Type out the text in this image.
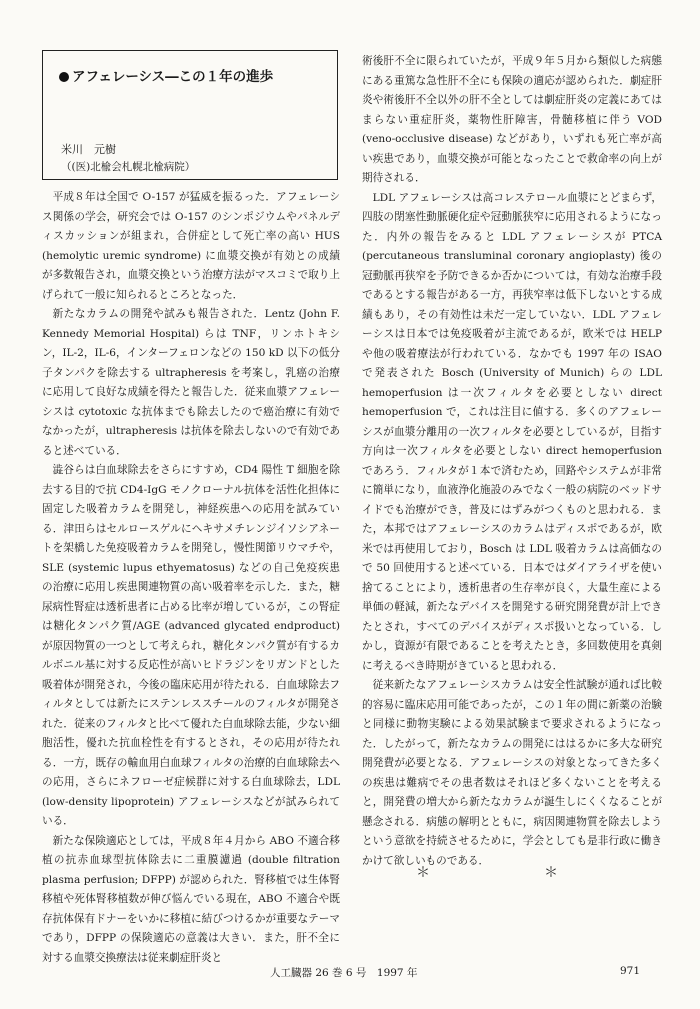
アフェレーシス―この１年の進歩
米川　元樹
（(医)北楡会札幌北楡病院）

平成８年は全国で O-157 が猛威を振るった．アフェレーシス関係の学会，研究会では O-157 のシンポジウムやパネルディスカッションが組まれ，合併症として死亡率の高い HUS (hemolytic uremic syndrome) に血漿交換が有効との成績が多数報告され，血漿交換という治療方法がマスコミで取り上げられて一般に知られるところとなった．

新たなカラムの開発や試みも報告された．Lentz (John F. Kennedy Memorial Hospital) らは TNF，リンホトキシン，IL-2，IL-6，インターフェロンなどの 150 kD 以下の低分子タンパクを除去する ultrapheresis を考案し，乳癌の治療に応用して良好な成績を得たと報告した．従来血漿アフェレーシスは cytotoxic な抗体までも除去したので癌治療に有効でなかったが，ultrapheresis は抗体を除去しないので有効であると述べている．

澁谷らは白血球除去をさらにすすめ，CD4 陽性 T 細胞を除去する目的で抗 CD4-IgG モノクローナル抗体を活性化担体に固定した吸着カラムを開発し，神経疾患への応用を試みている．津田らはセルロースゲルにヘキサメチレンジイソシアネートを架橋した免疫吸着カラムを開発し，慢性関節リウマチや，SLE (systemic lupus ethyematosus) などの自己免疫疾患の治療に応用し疾患関連物質の高い吸着率を示した．また，糖尿病性腎症は透析患者に占める比率が増しているが，この腎症は糖化タンパク質/AGE (advanced glycated endproduct) が原因物質の一つとして考えられ，糖化タンパク質が有するカルボニル基に対する反応性が高いヒドラジンをリガンドとした吸着体が開発され，今後の臨床応用が待たれる．白血球除去フィルタとしては新たにステンレススチールのフィルタが開発された．従来のフィルタと比べて優れた白血球除去能，少ない細胞活性，優れた抗血栓性を有するとされ，その応用が待たれる．一方，既存の輸血用白血球フィルタの治療的白血球除去への応用，さらにネフローゼ症候群に対する白血球除去，LDL (low-density lipoprotein) アフェレーシスなどが試みられている．

新たな保険適応としては，平成８年４月から ABO 不適合移植の抗赤血球型抗体除去に二重膜濾過 (double filtration plasma perfusion; DFPP) が認められた．腎移植では生体腎移植や死体腎移植数が伸び悩んでいる現在，ABO 不適合や既存抗体保有ドナーをいかに移植に結びつけるかが重要なテーマであり，DFPP の保険適応の意義は大きい．また，肝不全に対する血漿交換療法は従来劇症肝炎と

術後肝不全に限られていたが，平成９年５月から類似した病態にある重篤な急性肝不全にも保険の適応が認められた．劇症肝炎や術後肝不全以外の肝不全としては劇症肝炎の定義にあてはまらない重症肝炎，薬物性肝障害，骨髄移植に伴う VOD (veno-occlusive disease) などがあり，いずれも死亡率が高い疾患であり，血漿交換が可能となったことで救命率の向上が期待される．

LDL アフェレーシスは高コレステロール血漿にとどまらず，四肢の閉塞性動脈硬化症や冠動脈狭窄に応用されるようになった．内外の報告をみると LDL アフェレーシスが PTCA (percutaneous transluminal coronary angioplasty) 後の冠動脈再狭窄を予防できるか否かについては，有効な治療手段であるとする報告がある一方，再狭窄率は低下しないとする成績もあり，その有効性は未だ一定していない．LDL アフェレーシスは日本では免疫吸着が主流であるが，欧米では HELP や他の吸着療法が行われている．なかでも 1997 年の ISAO で発表された Bosch (University of Munich) らの LDL hemoperfusion は一次フィルタを必要としない direct hemoperfusion で，これは注目に値する．多くのアフェレーシスが血漿分離用の一次フィルタを必要としているが，目指す方向は一次フィルタを必要としない direct hemoperfusion であろう．フィルタが１本で済むため，回路やシステムが非常に簡単になり，血液浄化施設のみでなく一般の病院のベッドサイドでも治療ができ，普及にはずみがつくものと思われる．また，本邦ではアフェレーシスのカラムはディスポであるが，欧米では再使用しており，Bosch は LDL 吸着カラムは高価なので 50 回使用すると述べている．日本ではダイアライザを使い捨てることにより，透析患者の生存率が良く，大量生産による単価の軽減，新たなデバイスを開発する研究開発費が計上できたとされ，すべてのデバイスがディスポ扱いとなっている．しかし，資源が有限であることを考えたとき，多回数使用を真剣に考えるべき時期がきていると思われる．

従来新たなアフェレーシスカラムは安全性試験が通れば比較的容易に臨床応用可能であったが，この１年の間に新薬の治験と同様に動物実験による効果試験まで要求されるようになった．したがって，新たなカラムの開発にははるかに多大な研究開発費が必要となる．アフェレーシスの対象となってきた多くの疾患は難病でその患者数はそれほど多くないことを考えると，開発費の増大から新たなカラムが誕生しにくくなることが懸念される．病態の解明とともに，病因関連物質を除去しようという意欲を持続させるために，学会としても是非行政に働きかけて欲しいものである．

＊　＊
人工臓器 26 巻 6 号　1997 年	971
